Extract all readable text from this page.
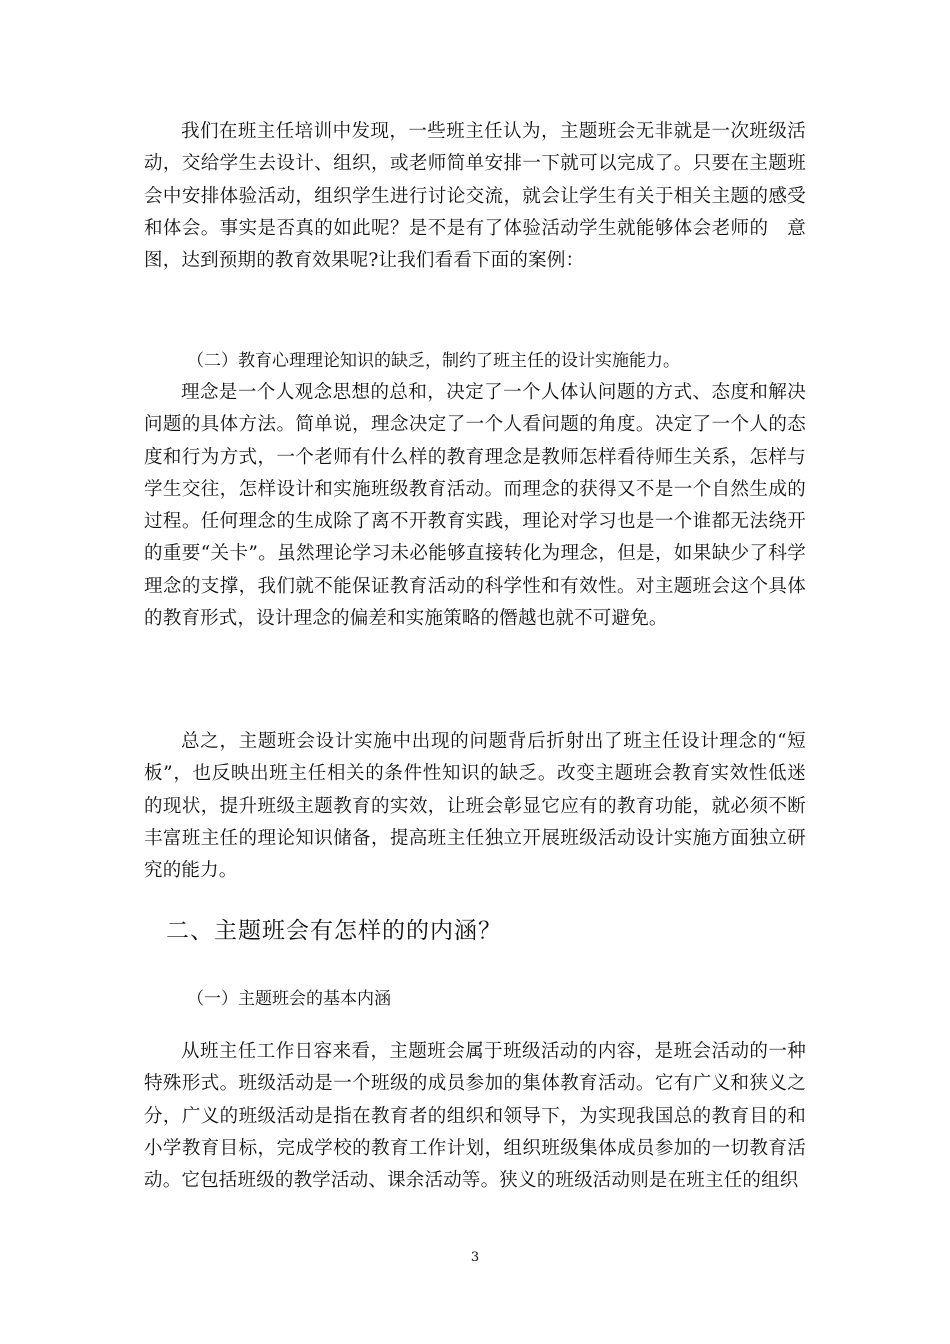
我们在班主任培训中发现，一些班主任认为，主题班会无非就是一次班级活动，交给学生去设计、组织，或老师简单安排一下就可以完成了。只要在主题班会中安排体验活动，组织学生进行讨论交流，就会让学生有关于相关主题的感受和体会。事实是否真的如此呢？是不是有了体验活动学生就能够体会老师的　意图，达到预期的教育效果呢?让我们看看下面的案例：

（二）教育心理理论知识的缺乏，制约了班主任的设计实施能力。

理念是一个人观念思想的总和，决定了一个人体认问题的方式、态度和解决问题的具体方法。简单说，理念决定了一个人看问题的角度。决定了一个人的态度和行为方式，一个老师有什么样的教育理念是教师怎样看待师生关系，怎样与学生交往，怎样设计和实施班级教育活动。而理念的获得又不是一个自然生成的过程。任何理念的生成除了离不开教育实践，理论对学习也是一个谁都无法绕开的重要“关卡”。虽然理论学习未必能够直接转化为理念，但是，如果缺少了科学理念的支撑，我们就不能保证教育活动的科学性和有效性。对主题班会这个具体的教育形式，设计理念的偏差和实施策略的僭越也就不可避免。

总之，主题班会设计实施中出现的问题背后折射出了班主任设计理念的“短板”，也反映出班主任相关的条件性知识的缺乏。改变主题班会教育实效性低迷的现状，提升班级主题教育的实效，让班会彰显它应有的教育功能，就必须不断丰富班主任的理论知识储备，提高班主任独立开展班级活动设计实施方面独立研究的能力。

二、主题班会有怎样的的内涵？

（一）主题班会的基本内涵

从班主任工作日容来看，主题班会属于班级活动的内容，是班会活动的一种特殊形式。班级活动是一个班级的成员参加的集体教育活动。它有广义和狭义之分，广义的班级活动是指在教育者的组织和领导下，为实现我国总的教育目的和小学教育目标，完成学校的教育工作计划，组织班级集体成员参加的一切教育活动。它包括班级的教学活动、课余活动等。狭义的班级活动则是在班主任的组织

3
